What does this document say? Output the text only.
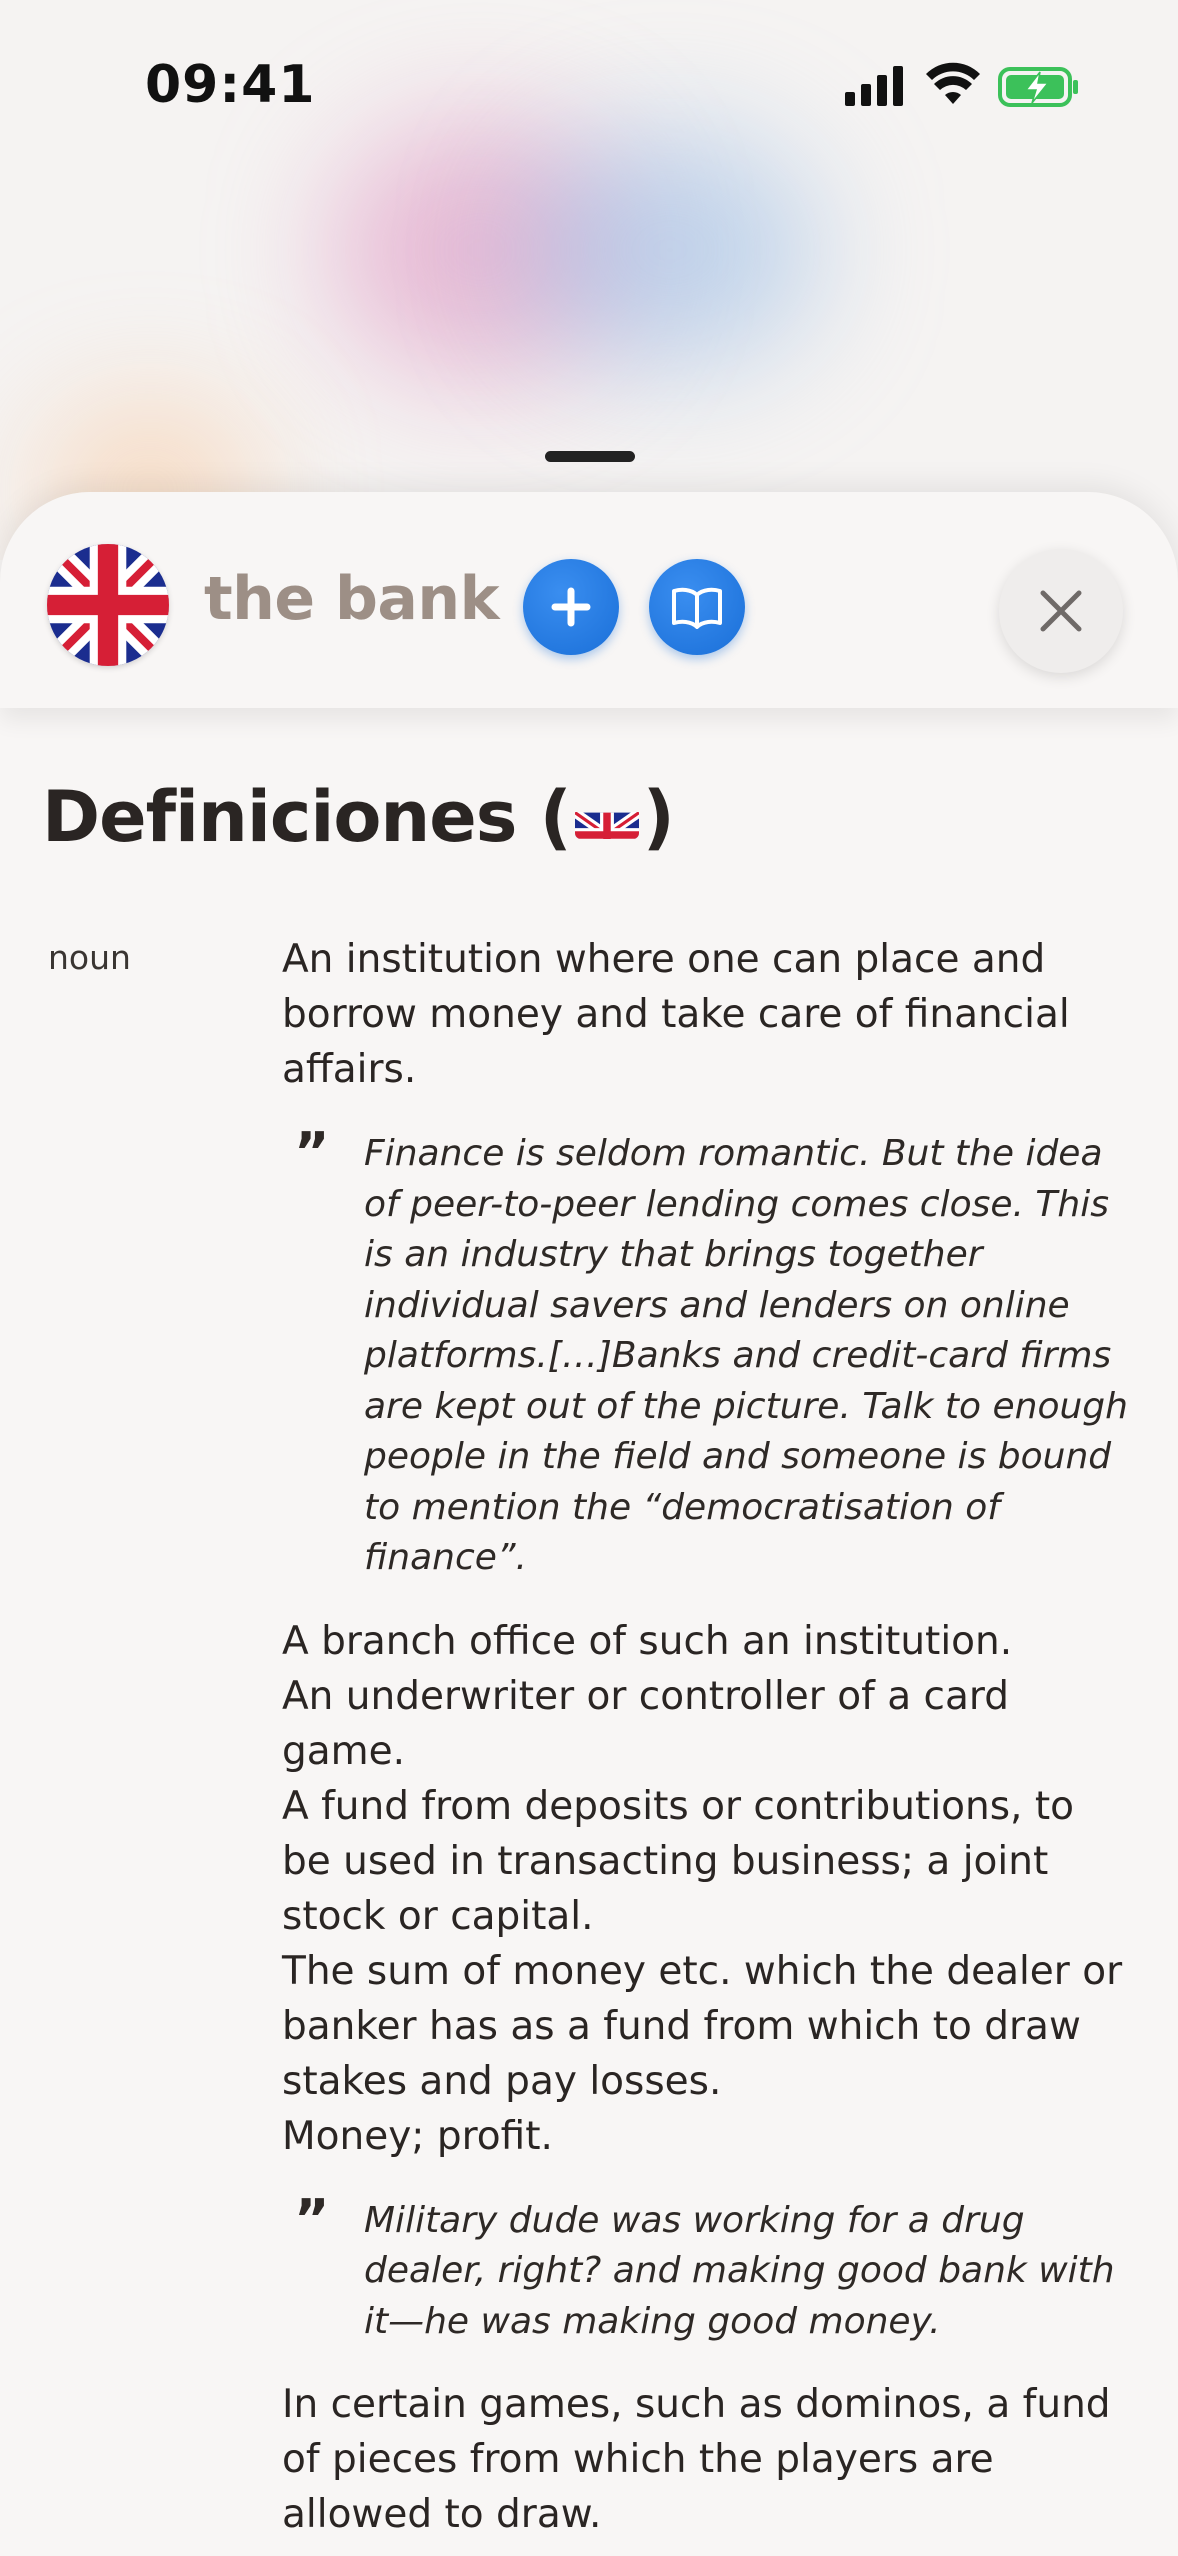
09:41
the bank
Definiciones ( )
noun	An institution where one can place and borrow money and take care of financial affairs.
” Finance is seldom romantic. But the idea of peer-to-peer lending comes close. This is an industry that brings together individual savers and lenders on online platforms.[…]Banks and credit-card firms are kept out of the picture. Talk to enough people in the field and someone is bound to mention the “democratisation of finance”.
A branch office of such an institution.
An underwriter or controller of a card game.
A fund from deposits or contributions, to be used in transacting business; a joint stock or capital.
The sum of money etc. which the dealer or banker has as a fund from which to draw stakes and pay losses.
Money; profit.
” Military dude was working for a drug dealer, right? and making good bank with it—he was making good money.
In certain games, such as dominos, a fund of pieces from which the players are allowed to draw.
